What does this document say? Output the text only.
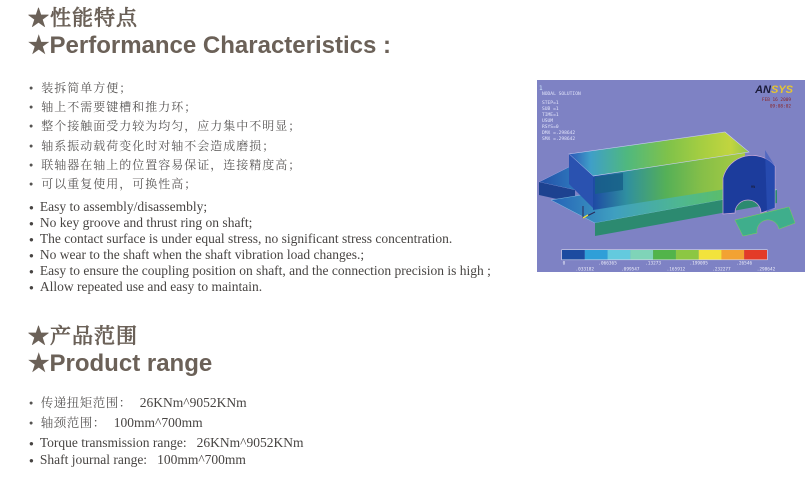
★性能特点
★Performance Characteristics :
● 装拆简单方便；
● 轴上不需要键槽和推力环；
● 整个接触面受力较为均匀，应力集中不明显；
● 轴系振动载荷变化时对轴不会造成磨损；
● 联轴器在轴上的位置容易保证，连接精度高；
● 可以重复使用，可换性高；
● Easy to assembly/disassembly;
● No key groove and thrust ring on shaft;
● The contact surface is under equal stress, no significant stress concentration.
● No wear to the shaft when the shaft vibration load changes.;
● Easy to ensure the coupling position on shaft, and the connection precision is high ;
● Allow repeated use and easy to maintain.
MN
1
NODAL SOLUTION
STEP=1
SUB =1
TIME=1
USUM
RSYS=0
DMX =.298642
SMX =.298642
ANSYS
FEB 16 2009
09:08:02
0	.066365	.13273	.199095	.26546
.033182	.099547	.165912	.232277	.298642
★产品范围
★Product range
● 传递扭矩范围： 26KNm^9052KNm
● 轴颈范围： 100mm^700mm
● Torque transmission range: 26KNm^9052KNm
● Shaft journal range: 100mm^700mm
